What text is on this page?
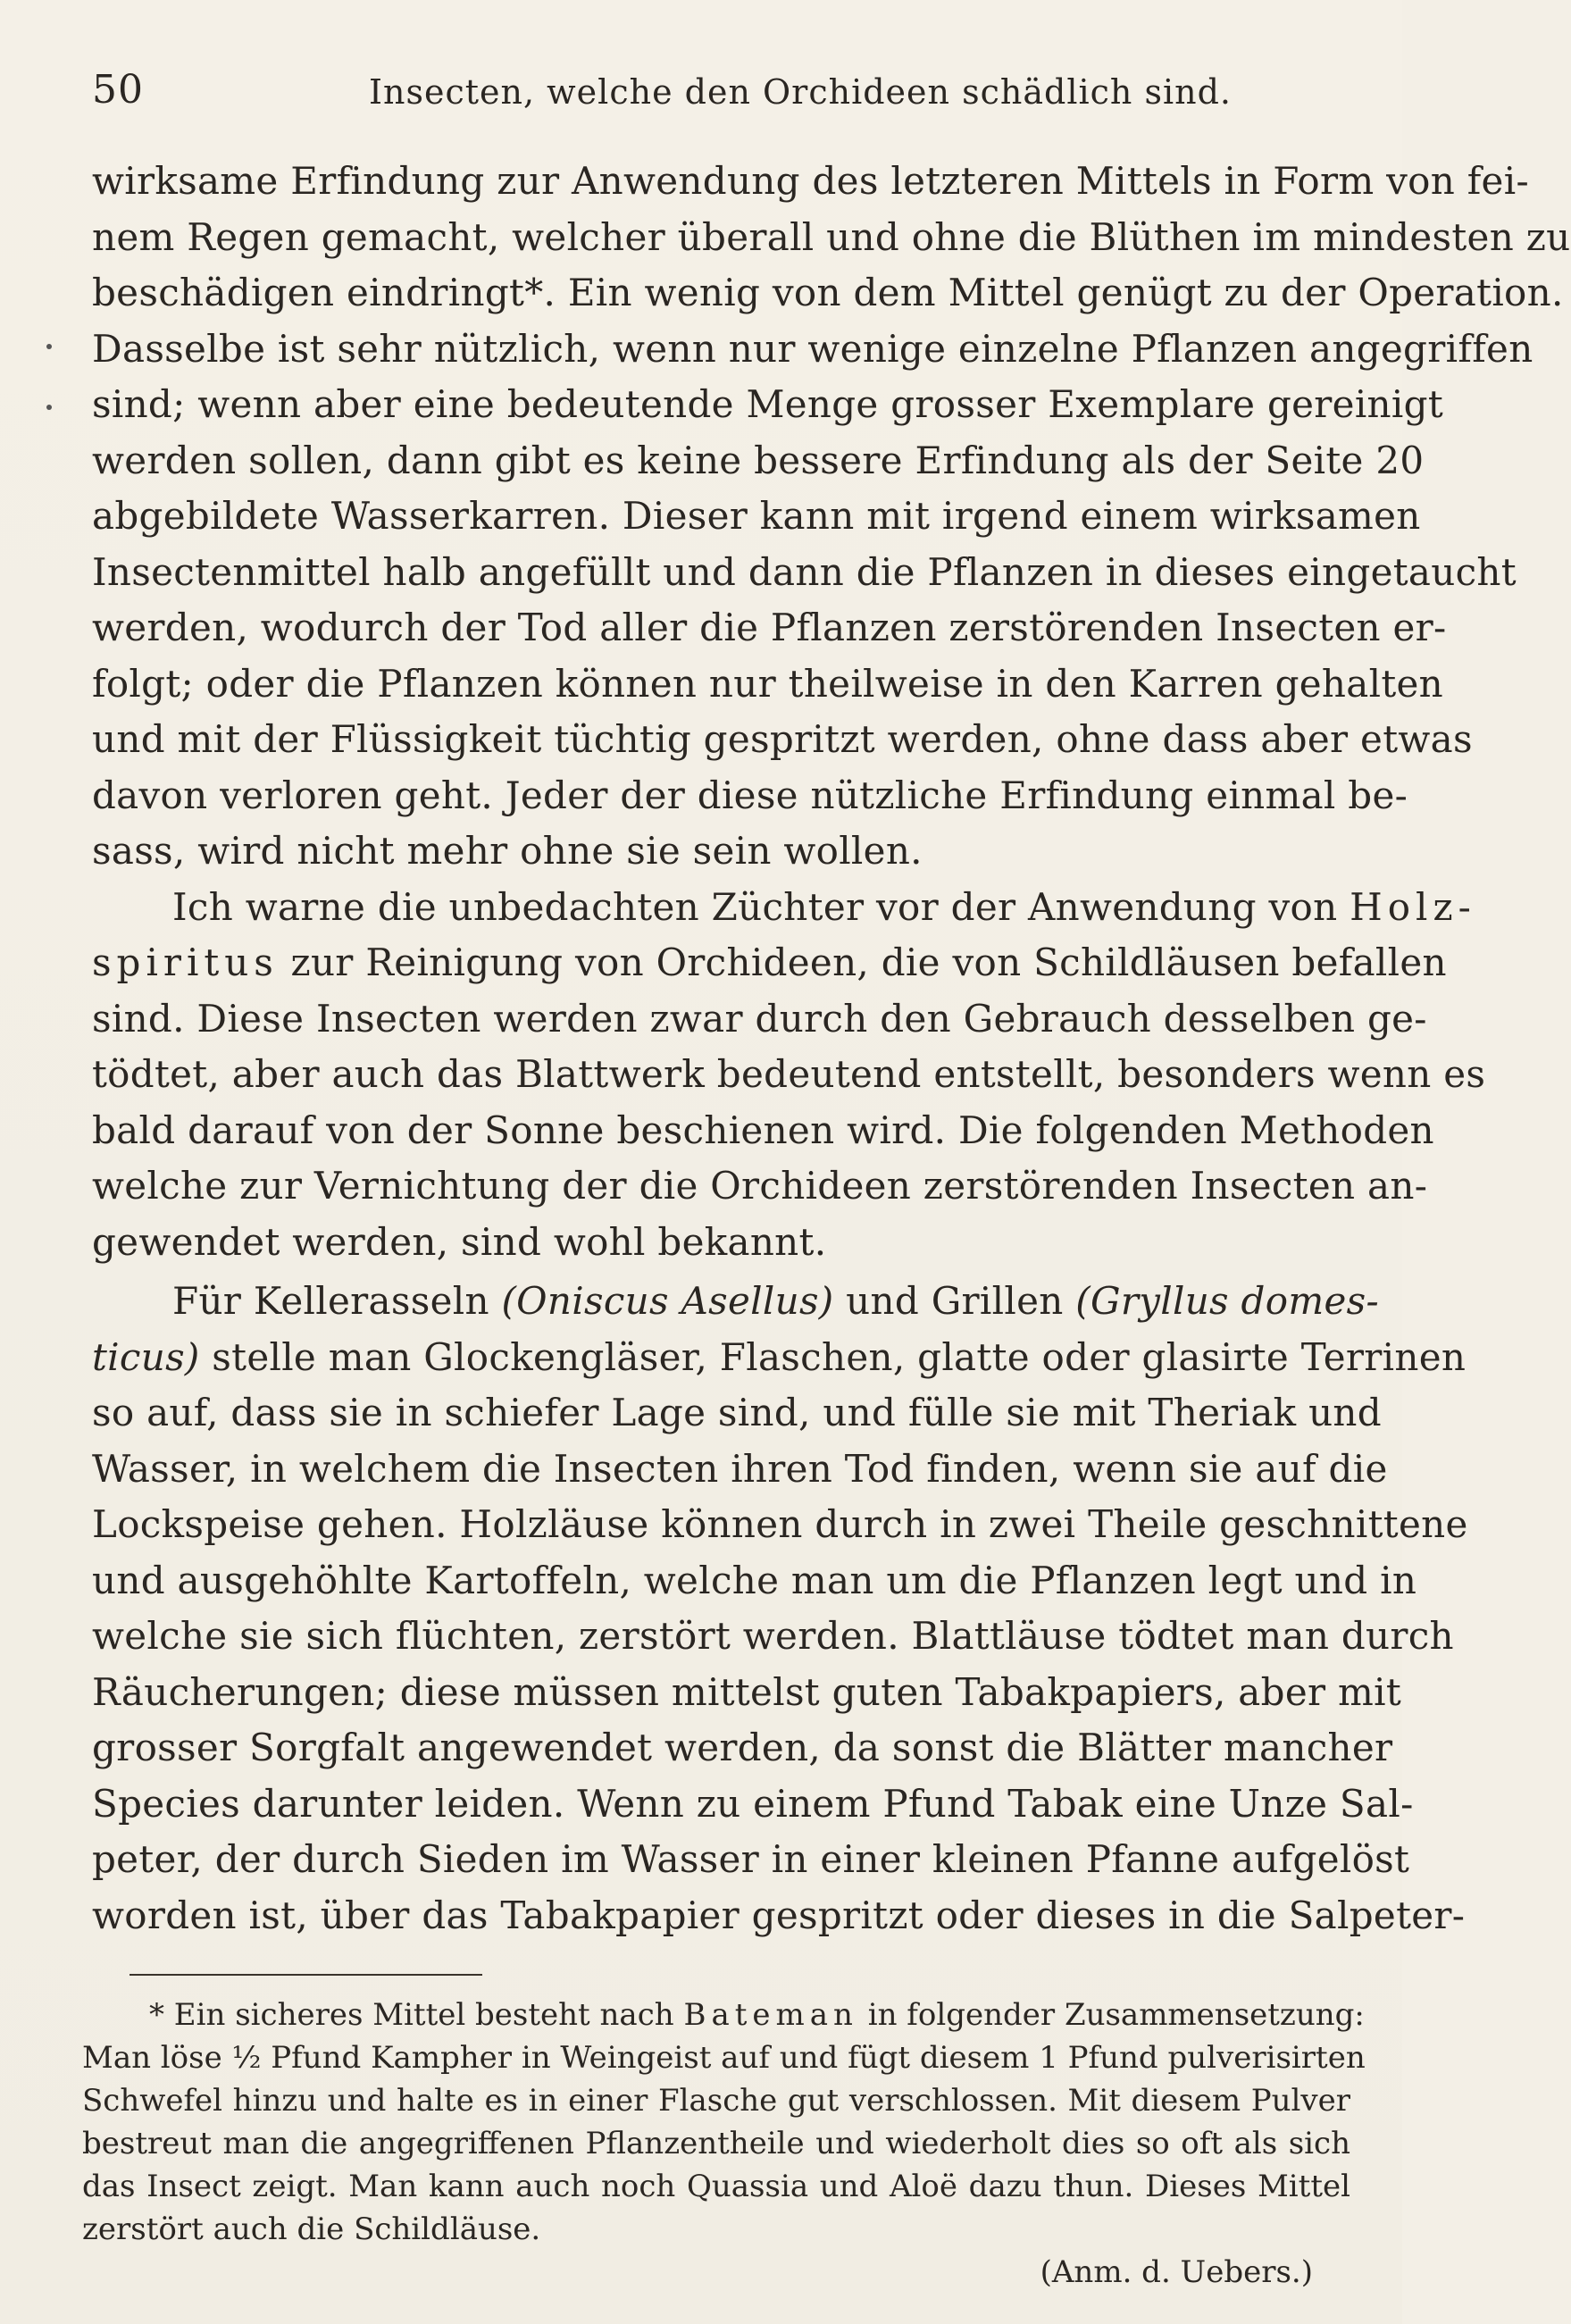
50	Insecten, welche den Orchideen schädlich sind.
wirksame Erfindung zur Anwendung des letzteren Mittels in Form von fei-
nem Regen gemacht, welcher überall und ohne die Blüthen im mindesten zu
beschädigen eindringt*. Ein wenig von dem Mittel genügt zu der Operation.
Dasselbe ist sehr nützlich, wenn nur wenige einzelne Pflanzen angegriffen
sind; wenn aber eine bedeutende Menge grosser Exemplare gereinigt
werden sollen, dann gibt es keine bessere Erfindung als der Seite 20
abgebildete Wasserkarren. Dieser kann mit irgend einem wirksamen
Insectenmittel halb angefüllt und dann die Pflanzen in dieses eingetaucht
werden, wodurch der Tod aller die Pflanzen zerstörenden Insecten er-
folgt; oder die Pflanzen können nur theilweise in den Karren gehalten
und mit der Flüssigkeit tüchtig gespritzt werden, ohne dass aber etwas
davon verloren geht. Jeder der diese nützliche Erfindung einmal be-
sass, wird nicht mehr ohne sie sein wollen.
Ich warne die unbedachten Züchter vor der Anwendung von Holz-
spiritus zur Reinigung von Orchideen, die von Schildläusen befallen
sind. Diese Insecten werden zwar durch den Gebrauch desselben ge-
tödtet, aber auch das Blattwerk bedeutend entstellt, besonders wenn es
bald darauf von der Sonne beschienen wird. Die folgenden Methoden
welche zur Vernichtung der die Orchideen zerstörenden Insecten an-
gewendet werden, sind wohl bekannt.
Für Kellerasseln (Oniscus Asellus) und Grillen (Gryllus domes-
ticus) stelle man Glockengläser, Flaschen, glatte oder glasirte Terrinen
so auf, dass sie in schiefer Lage sind, und fülle sie mit Theriak und
Wasser, in welchem die Insecten ihren Tod finden, wenn sie auf die
Lockspeise gehen. Holzläuse können durch in zwei Theile geschnittene
und ausgehöhlte Kartoffeln, welche man um die Pflanzen legt und in
welche sie sich flüchten, zerstört werden. Blattläuse tödtet man durch
Räucherungen; diese müssen mittelst guten Tabakpapiers, aber mit
grosser Sorgfalt angewendet werden, da sonst die Blätter mancher
Species darunter leiden. Wenn zu einem Pfund Tabak eine Unze Sal-
peter, der durch Sieden im Wasser in einer kleinen Pfanne aufgelöst
worden ist, über das Tabakpapier gespritzt oder dieses in die Salpeter-
* Ein sicheres Mittel besteht nach Bateman in folgender Zusammensetzung:
Man löse ½ Pfund Kampher in Weingeist auf und fügt diesem 1 Pfund pulverisirten
Schwefel hinzu und halte es in einer Flasche gut verschlossen. Mit diesem Pulver
bestreut man die angegriffenen Pflanzentheile und wiederholt dies so oft als sich
das Insect zeigt. Man kann auch noch Quassia und Aloë dazu thun. Dieses Mittel
zerstört auch die Schildläuse.
(Anm. d. Uebers.)
